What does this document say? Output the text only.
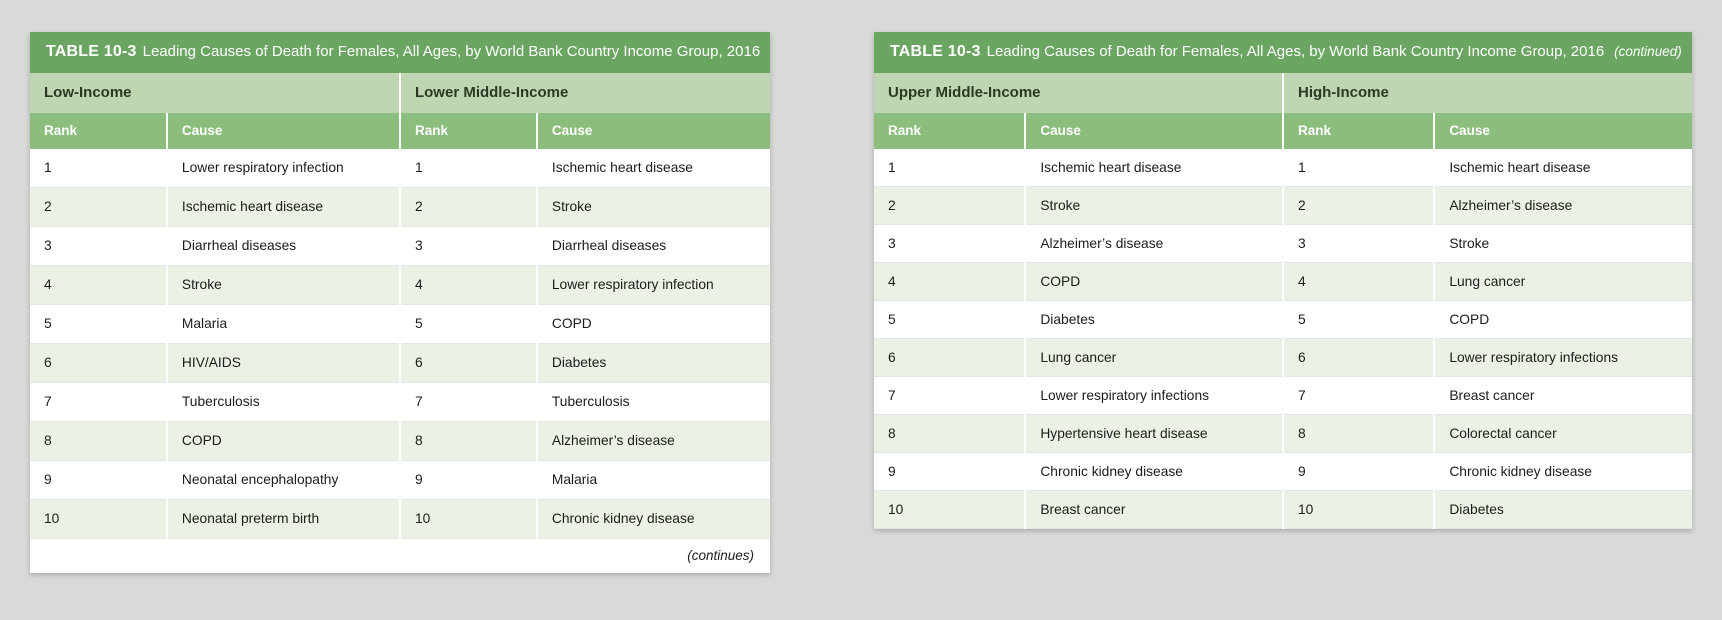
TABLE 10-3 Leading Causes of Death for Females, All Ages, by World Bank Country Income Group, 2016
Low-Income		Lower Middle-Income	
Rank	Cause	Rank	Cause
1	Lower respiratory infection	1	Ischemic heart disease
2	Ischemic heart disease	2	Stroke
3	Diarrheal diseases	3	Diarrheal diseases
4	Stroke	4	Lower respiratory infection
5	Malaria	5	COPD
6	HIV/AIDS	6	Diabetes
7	Tuberculosis	7	Tuberculosis
8	COPD	8	Alzheimer’s disease
9	Neonatal encephalopathy	9	Malaria
10	Neonatal preterm birth	10	Chronic kidney disease
(continues)
TABLE 10-3 Leading Causes of Death for Females, All Ages, by World Bank Country Income Group, 2016 (continued)
Upper Middle-Income		High-Income	
Rank	Cause	Rank	Cause
1	Ischemic heart disease	1	Ischemic heart disease
2	Stroke	2	Alzheimer’s disease
3	Alzheimer’s disease	3	Stroke
4	COPD	4	Lung cancer
5	Diabetes	5	COPD
6	Lung cancer	6	Lower respiratory infections
7	Lower respiratory infections	7	Breast cancer
8	Hypertensive heart disease	8	Colorectal cancer
9	Chronic kidney disease	9	Chronic kidney disease
10	Breast cancer	10	Diabetes
